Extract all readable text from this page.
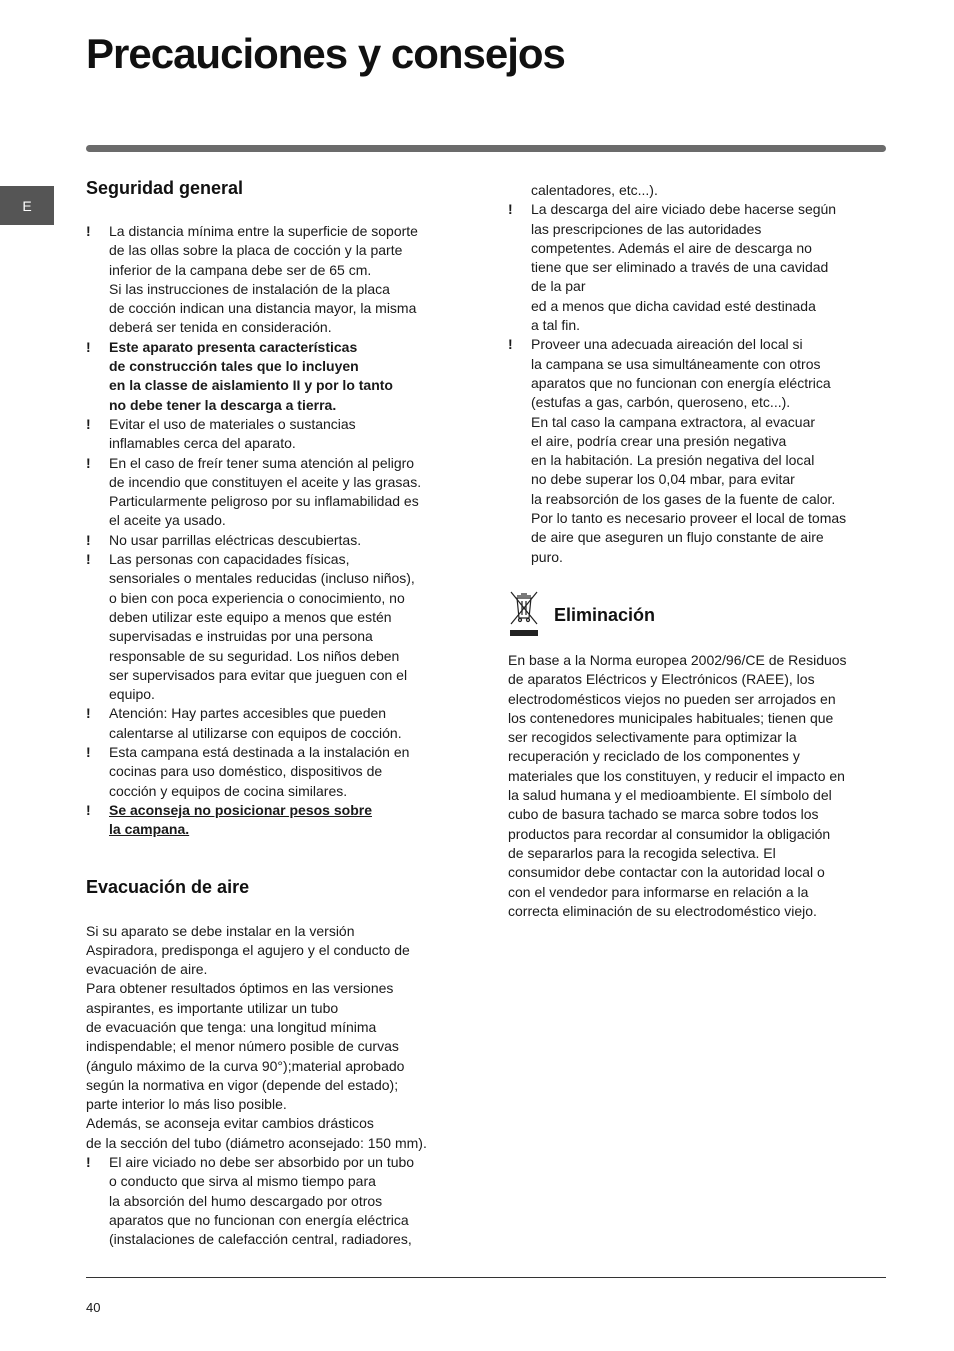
Precauciones y consejos
E
Seguridad general
! La distancia mínima entre la superficie de soporte
de las ollas sobre la placa de cocción y la parte
inferior de la campana debe ser de 65 cm.
Si las instrucciones de instalación de la placa
de cocción indican una distancia mayor, la misma
deberá ser tenida en consideración.
! Este aparato presenta características
de construcción tales que lo incluyen
en la classe de aislamiento II y por lo tanto
no debe tener la descarga a tierra.
! Evitar el uso de materiales o sustancias
inflamables cerca del aparato.
! En el caso de freír tener suma atención al peligro
de incendio que constituyen el aceite y las grasas.
Particularmente peligroso por su inflamabilidad es
el aceite ya usado.
! No usar parrillas eléctricas descubiertas.
! Las personas con capacidades físicas,
sensoriales o mentales reducidas (incluso niños),
o bien con poca experiencia o conocimiento, no
deben utilizar este equipo a menos que estén
supervisadas e instruidas por una persona
responsable de su seguridad. Los niños deben
ser supervisados para evitar que jueguen con el
equipo.
! Atención: Hay partes accesibles que pueden
calentarse al utilizarse con equipos de cocción.
! Esta campana está destinada a la instalación en
cocinas para uso doméstico, dispositivos de
cocción y equipos de cocina similares.
! Se aconseja no posicionar pesos sobre
la campana.
Evacuación de aire
Si su aparato se debe instalar en la versión
Aspiradora, predisponga el agujero y el conducto de
evacuación de aire.
Para obtener resultados óptimos en las versiones
aspirantes, es importante utilizar un tubo
de evacuación que tenga: una longitud mínima
indispendable; el menor número posible de curvas
(ángulo máximo de la curva 90°);material aprobado
según la normativa en vigor (depende del estado);
parte interior lo más liso posible.
Además, se aconseja evitar cambios drásticos
de la sección del tubo (diámetro aconsejado: 150 mm).
! El aire viciado no debe ser absorbido por un tubo
o conducto que sirva al mismo tiempo para
la absorción del humo descargado por otros
aparatos que no funcionan con energía eléctrica
(instalaciones de calefacción central, radiadores,
calentadores, etc...).
! La descarga del aire viciado debe hacerse según
las prescripciones de las autoridades
competentes. Además el aire de descarga no
tiene que ser eliminado a través de una cavidad
de la par
ed a menos que dicha cavidad esté destinada
a tal fin.
! Proveer una adecuada aireación del local si
la campana se usa simultáneamente con otros
aparatos que no funcionan con energía eléctrica
(estufas a gas, carbón, queroseno, etc...).
En tal caso la campana extractora, al evacuar
el aire, podría crear una presión negativa
en la habitación. La presión negativa del local
no debe superar los 0,04 mbar, para evitar
la reabsorción de los gases de la fuente de calor.
Por lo tanto es necesario proveer el local de tomas
de aire que aseguren un flujo constante de aire
puro.
Eliminación
En base a la Norma europea 2002/96/CE de Residuos
de aparatos Eléctricos y Electrónicos (RAEE), los
electrodomésticos viejos no pueden ser arrojados en
los contenedores municipales habituales; tienen que
ser recogidos selectivamente para optimizar la
recuperación y reciclado de los componentes y
materiales que los constituyen, y reducir el impacto en
la salud humana y el medioambiente. El símbolo del
cubo de basura tachado se marca sobre todos los
productos para recordar al consumidor la obligación
de separarlos para la recogida selectiva. El
consumidor debe contactar con la autoridad local o
con el vendedor para informarse en relación a la
correcta eliminación de su electrodoméstico viejo.
40
